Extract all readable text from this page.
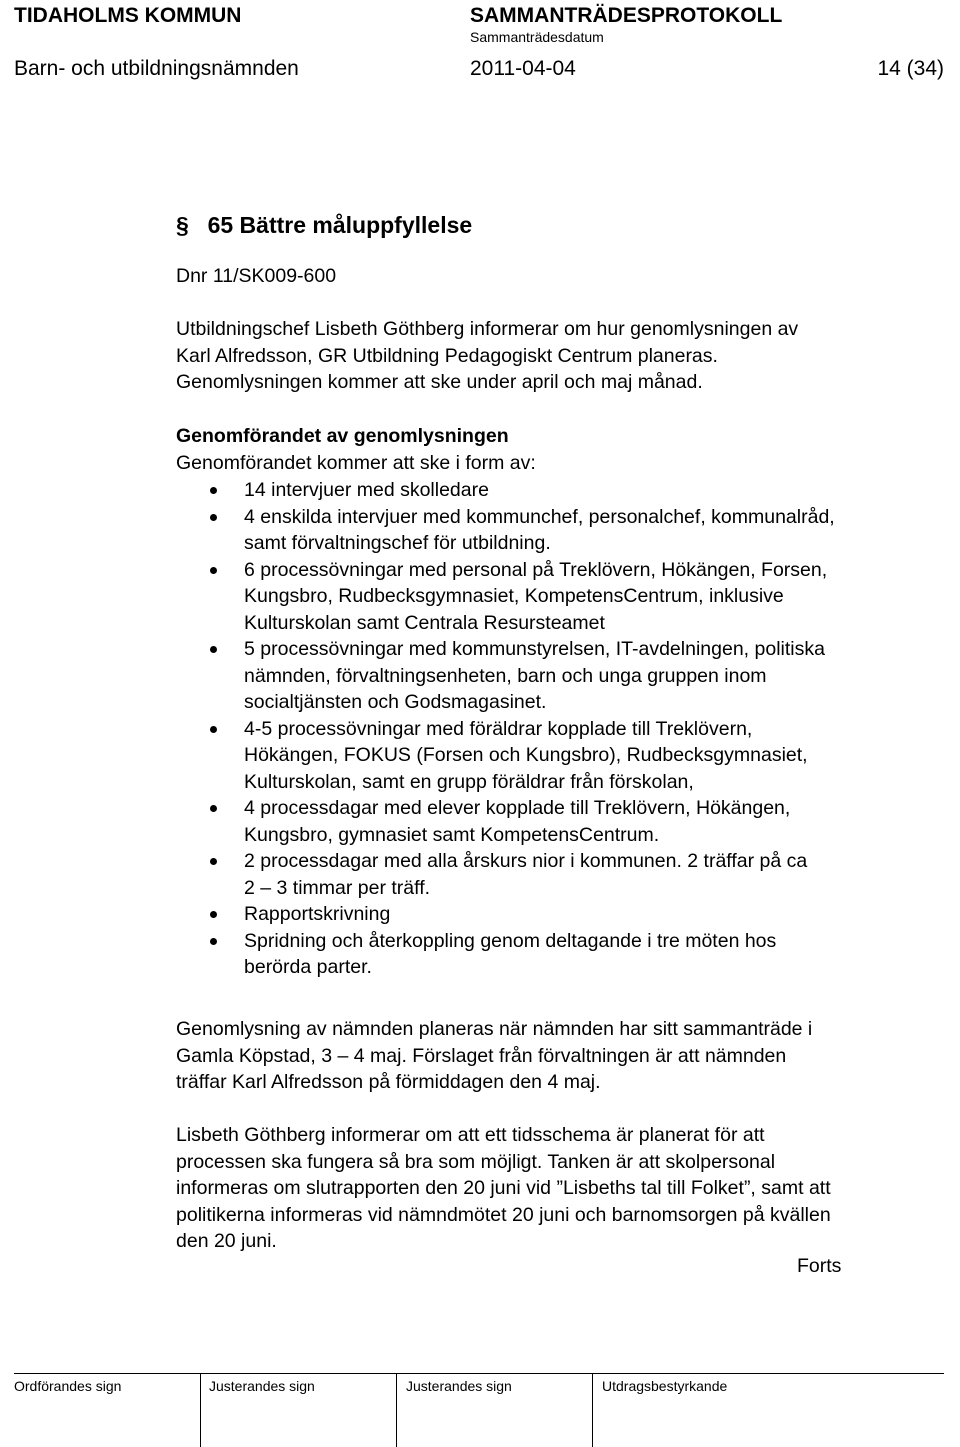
TIDAHOLMS KOMMUN	SAMMANTRÄDESPROTOKOLL
Sammanträdesdatum
Barn- och utbildningsnämnden	2011-04-04	14 (34)
§ 65 Bättre måluppfyllelse
Dnr 11/SK009-600
Utbildningschef Lisbeth Göthberg informerar om hur genomlysningen av
Karl Alfredsson, GR Utbildning Pedagogiskt Centrum planeras.
Genomlysningen kommer att ske under april och maj månad.
Genomförandet av genomlysningen
Genomförandet kommer att ske i form av:
14 intervjuer med skolledare
4 enskilda intervjuer med kommunchef, personalchef, kommunalråd,
samt förvaltningschef för utbildning.
6 processövningar med personal på Treklövern, Hökängen, Forsen,
Kungsbro, Rudbecksgymnasiet, KompetensCentrum, inklusive
Kulturskolan samt Centrala Resursteamet
5 processövningar med kommunstyrelsen, IT-avdelningen, politiska
nämnden, förvaltningsenheten, barn och unga gruppen inom
socialtjänsten och Godsmagasinet.
4-5 processövningar med föräldrar kopplade till Treklövern,
Hökängen, FOKUS (Forsen och Kungsbro), Rudbecksgymnasiet,
Kulturskolan, samt en grupp föräldrar från förskolan,
4 processdagar med elever kopplade till Treklövern, Hökängen,
Kungsbro, gymnasiet samt KompetensCentrum.
2 processdagar med alla årskurs nior i kommunen. 2 träffar på ca
2 – 3 timmar per träff.
Rapportskrivning
Spridning och återkoppling genom deltagande i tre möten hos
berörda parter.
Genomlysning av nämnden planeras när nämnden har sitt sammanträde i
Gamla Köpstad, 3 – 4 maj. Förslaget från förvaltningen är att nämnden
träffar Karl Alfredsson på förmiddagen den 4 maj.
Lisbeth Göthberg informerar om att ett tidsschema är planerat för att
processen ska fungera så bra som möjligt. Tanken är att skolpersonal
informeras om slutrapporten den 20 juni vid ”Lisbeths tal till Folket”, samt att
politikerna informeras vid nämndmötet 20 juni och barnomsorgen på kvällen
den 20 juni.
Forts
Ordförandes sign	Justerandes sign	Justerandes sign	Utdragsbestyrkande
